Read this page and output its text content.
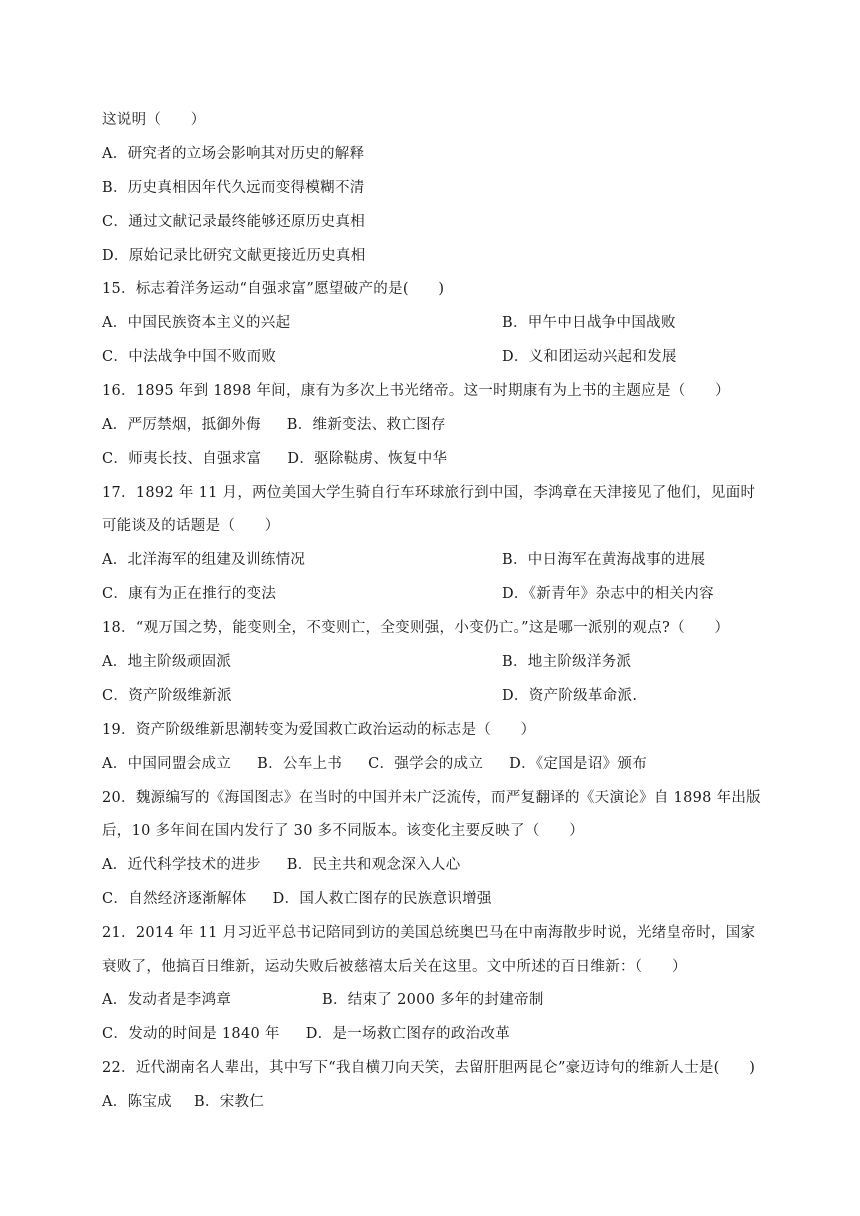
这说明（　　）
A．研究者的立场会影响其对历史的解释
B．历史真相因年代久远而变得模糊不清
C．通过文献记录最终能够还原历史真相
D．原始记录比研究文献更接近历史真相
15．标志着洋务运动“自强求富”愿望破产的是(　　)
A．中国民族资本主义的兴起	B．甲午中日战争中国战败
C．中法战争中国不败而败	D．义和团运动兴起和发展
16．1895 年到 1898 年间，康有为多次上书光绪帝。这一时期康有为上书的主题应是（　　）
A．严厉禁烟，抵御外侮 B．维新变法、救亡图存
C．师夷长技、自强求富 D．驱除鞑虏、恢复中华
17．1892 年 11 月，两位美国大学生骑自行车环球旅行到中国，李鸿章在天津接见了他们，见面时
可能谈及的话题是（　　）
A．北洋海军的组建及训练情况	B．中日海军在黄海战事的进展
C．康有为正在推行的变法	D．《新青年》杂志中的相关内容
18．“观万国之势，能变则全，不变则亡，全变则强，小变仍亡。”这是哪一派别的观点?（　　）
A．地主阶级顽固派	B．地主阶级洋务派
C．资产阶级维新派	D．资产阶级革命派.
19．资产阶级维新思潮转变为爱国救亡政治运动的标志是（　　）
A．中国同盟会成立 B．公车上书 C．强学会的成立 D．《定国是诏》颁布
20．魏源编写的《海国图志》在当时的中国并未广泛流传，而严复翻译的《天演论》自 1898 年出版
后，10 多年间在国内发行了 30 多不同版本。该变化主要反映了（　　）
A．近代科学技术的进步 B．民主共和观念深入人心
C．自然经济逐渐解体 D．国人救亡图存的民族意识增强
21．2014 年 11 月习近平总书记陪同到访的美国总统奥巴马在中南海散步时说，光绪皇帝时，国家
衰败了，他搞百日维新，运动失败后被慈禧太后关在这里。文中所述的百日维新：（　　）
A．发动者是李鸿章	B．结束了 2000 多年的封建帝制
C．发动的时间是 1840 年 D．是一场救亡图存的政治改革
22．近代湖南名人辈出，其中写下“我自横刀向天笑，去留肝胆两昆仑”豪迈诗句的维新人士是(　　)
A．陈宝成 B．宋教仁
